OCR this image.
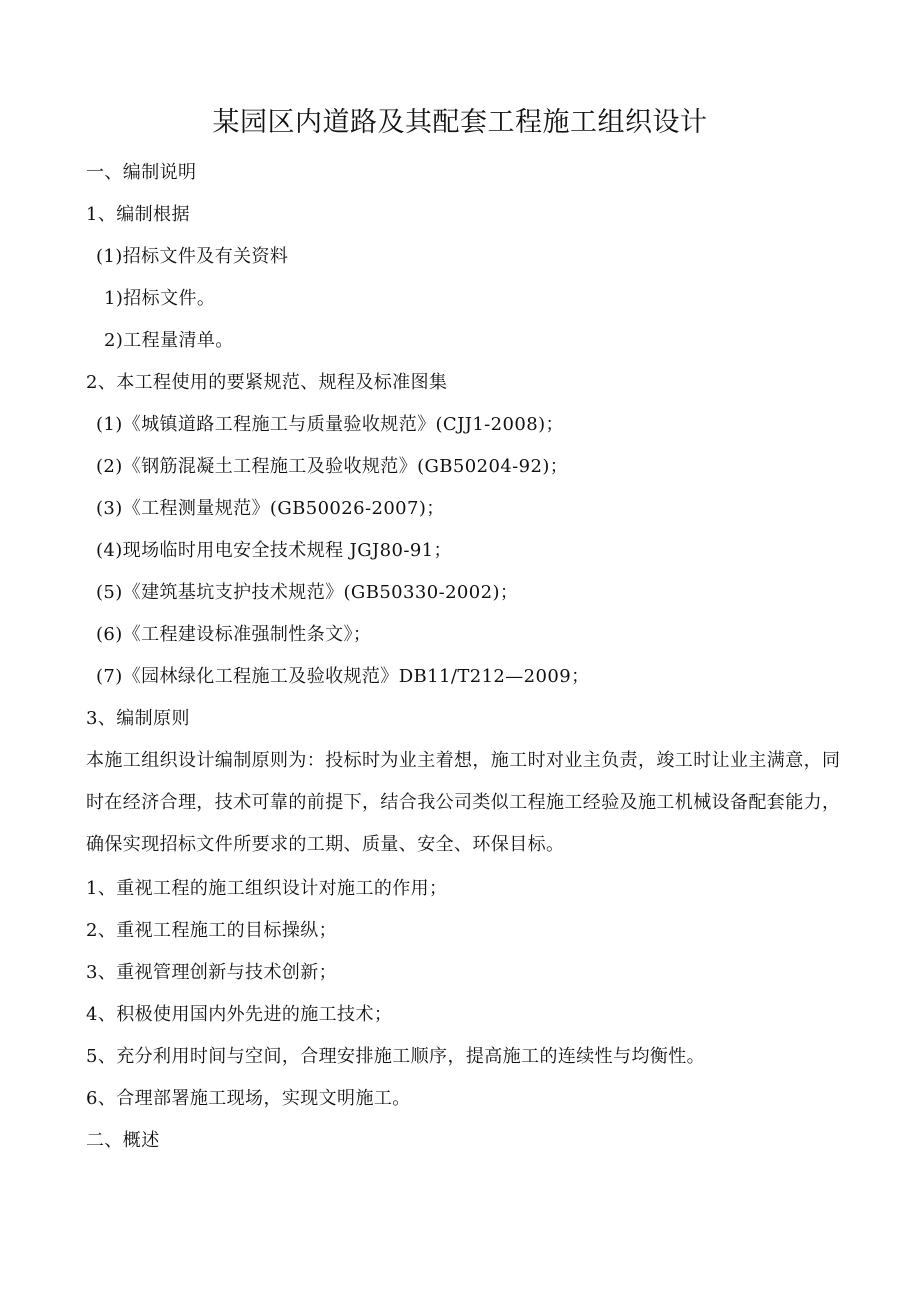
某园区内道路及其配套工程施工组织设计
一、编制说明
1、编制根据
(1)招标文件及有关资料
1)招标文件。
2)工程量清单。
2、本工程使用的要紧规范、规程及标准图集
(1)《城镇道路工程施工与质量验收规范》(CJJ1-2008)；
(2)《钢筋混凝土工程施工及验收规范》(GB50204-92)；
(3)《工程测量规范》(GB50026-2007)；
(4)现场临时用电安全技术规程 JGJ80-91；
(5)《建筑基坑支护技术规范》(GB50330-2002)；
(6)《工程建设标准强制性条文》；
(7)《园林绿化工程施工及验收规范》DB11/T212—2009；
3、编制原则
本施工组织设计编制原则为：投标时为业主着想，施工时对业主负责，竣工时让业主满意，同时在经济合理，技术可靠的前提下，结合我公司类似工程施工经验及施工机械设备配套能力，确保实现招标文件所要求的工期、质量、安全、环保目标。
1、重视工程的施工组织设计对施工的作用；
2、重视工程施工的目标操纵；
3、重视管理创新与技术创新；
4、积极使用国内外先进的施工技术；
5、充分利用时间与空间，合理安排施工顺序，提高施工的连续性与均衡性。
6、合理部署施工现场，实现文明施工。
二、概述
